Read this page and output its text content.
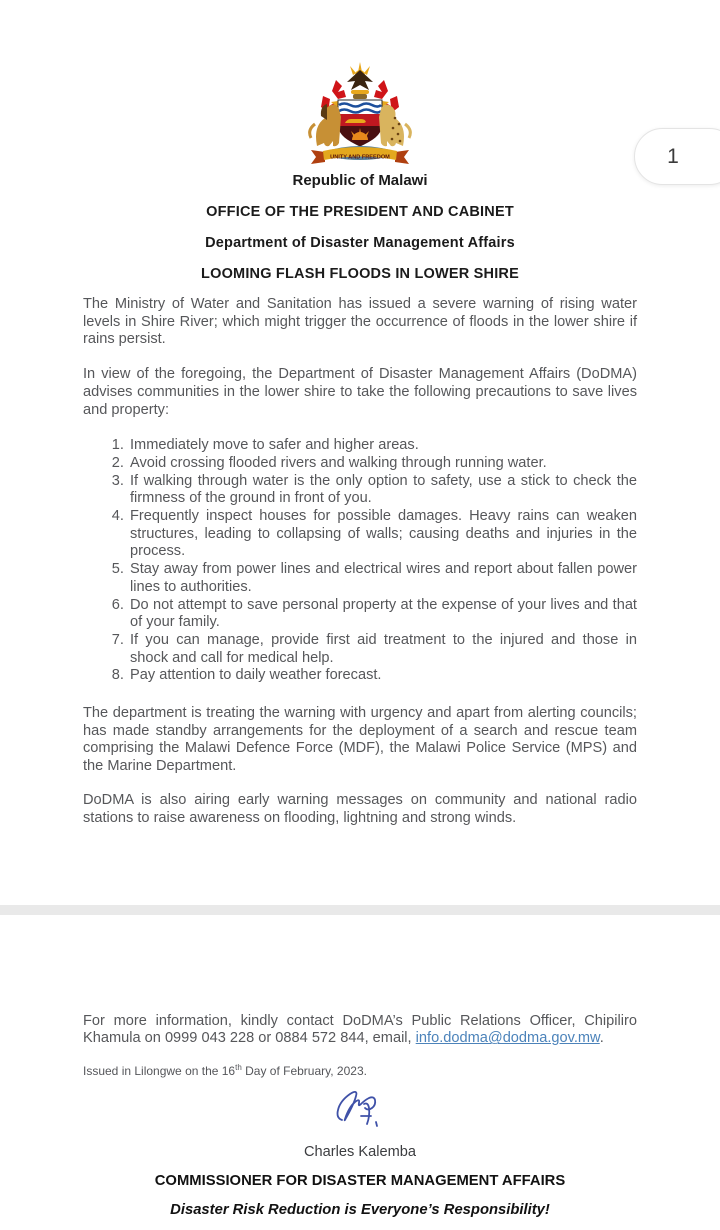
UNITY AND FREEDOM
Republic of Malawi
OFFICE OF THE PRESIDENT AND CABINET
Department of Disaster Management Affairs
LOOMING FLASH FLOODS IN LOWER SHIRE

The Ministry of Water and Sanitation has issued a severe warning of rising water levels in Shire River; which might trigger the occurrence of floods in the lower shire if rains persist.

In view of the foregoing, the Department of Disaster Management Affairs (DoDMA) advises communities in the lower shire to take the following precautions to save lives and property:

1. Immediately move to safer and higher areas.
2. Avoid crossing flooded rivers and walking through running water.
3. If walking through water is the only option to safety, use a stick to check the firmness of the ground in front of you.
4. Frequently inspect houses for possible damages. Heavy rains can weaken structures, leading to collapsing of walls; causing deaths and injuries in the process.
5. Stay away from power lines and electrical wires and report about fallen power lines to authorities.
6. Do not attempt to save personal property at the expense of your lives and that of your family.
7. If you can manage, provide first aid treatment to the injured and those in shock and call for medical help.
8. Pay attention to daily weather forecast.

The department is treating the warning with urgency and apart from alerting councils; has made standby arrangements for the deployment of a search and rescue team comprising the Malawi Defence Force (MDF), the Malawi Police Service (MPS) and the Marine Department.

DoDMA is also airing early warning messages on community and national radio stations to raise awareness on flooding, lightning and strong winds.

For more information, kindly contact DoDMA’s Public Relations Officer, Chipiliro Khamula on 0999 043 228 or 0884 572 844, email, info.dodma@dodma.gov.mw.

Issued in Lilongwe on the 16th Day of February, 2023.
Charles Kalemba
COMMISSIONER FOR DISASTER MANAGEMENT AFFAIRS
Disaster Risk Reduction is Everyone’s Responsibility!
1
